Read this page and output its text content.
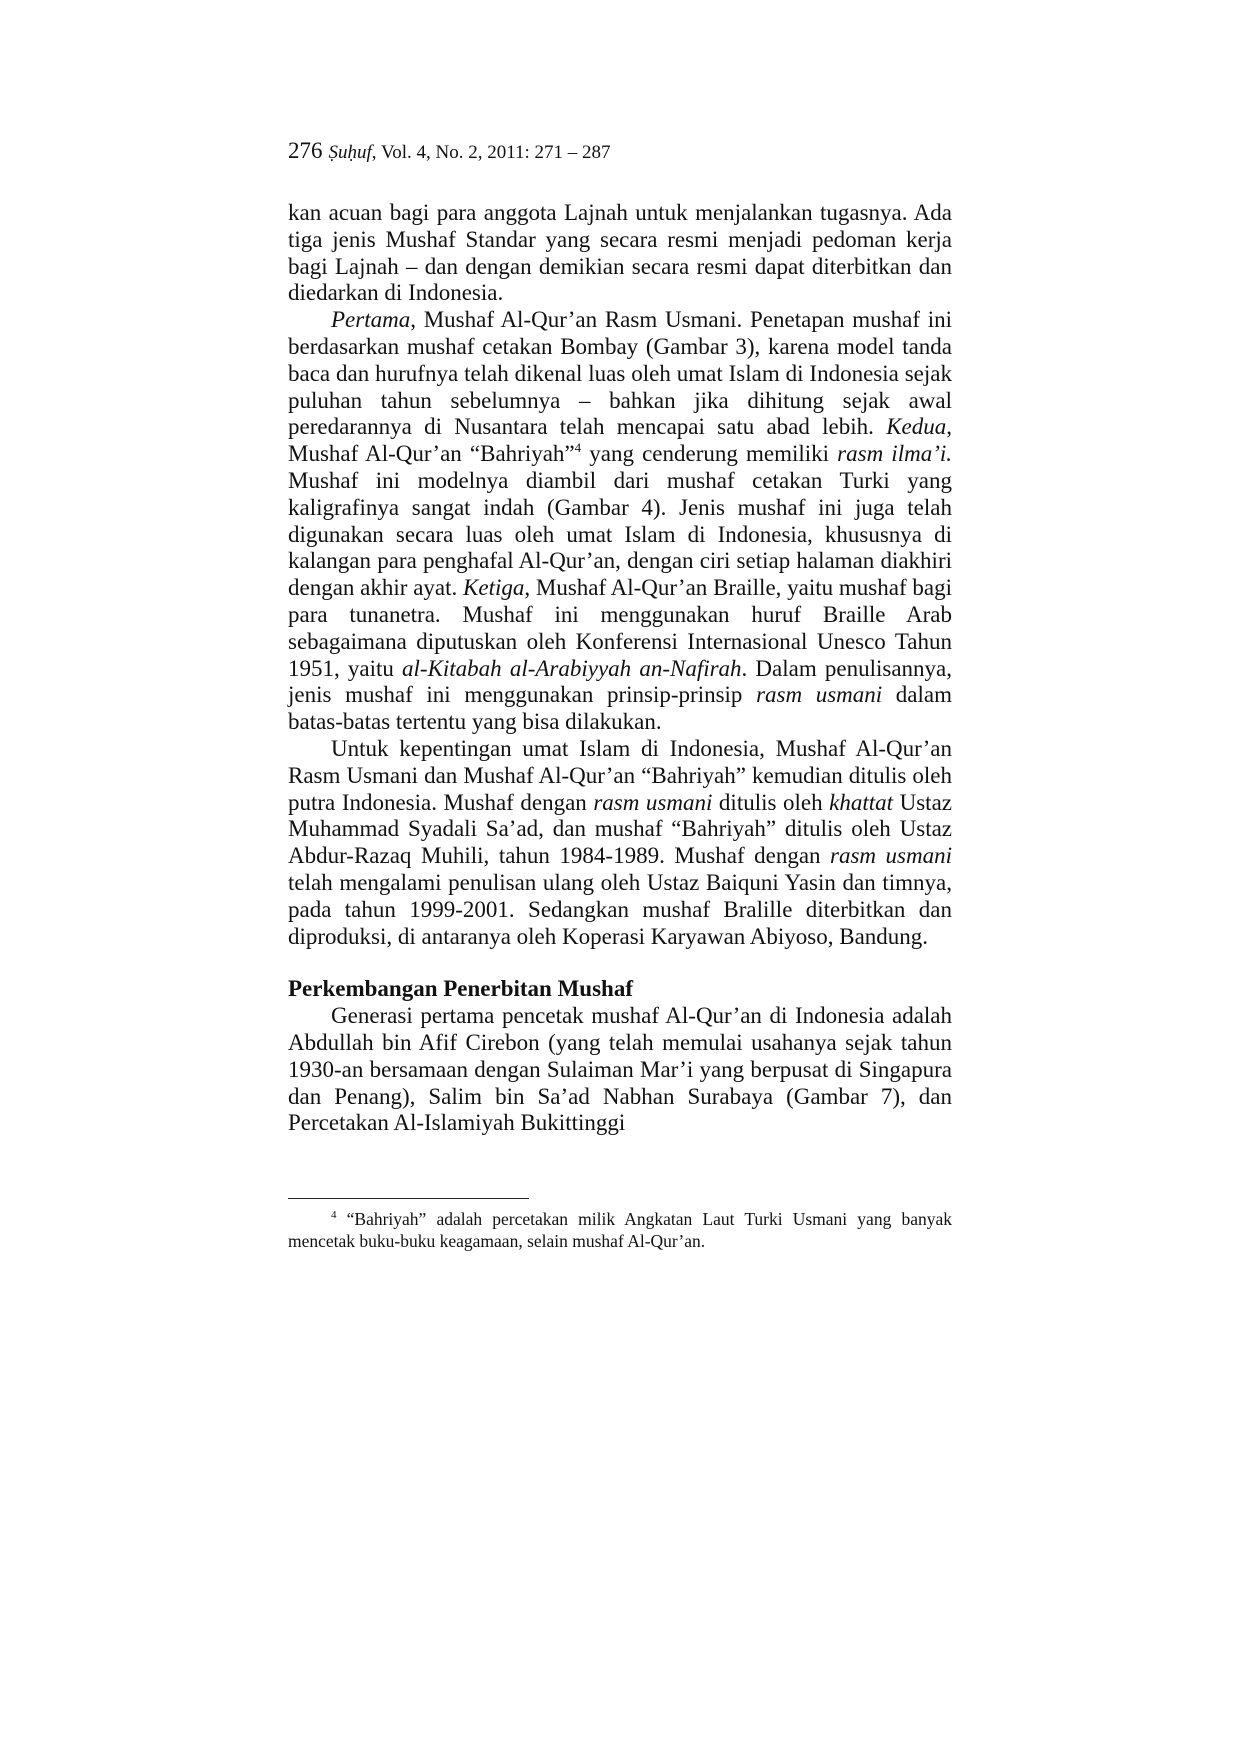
276 Ṣuḥuf, Vol. 4, No. 2, 2011: 271 – 287

kan acuan bagi para anggota Lajnah untuk menjalankan tugasnya. Ada tiga jenis Mushaf Standar yang secara resmi menjadi pedoman kerja bagi Lajnah – dan dengan demikian secara resmi dapat diterbitkan dan diedarkan di Indonesia.

Pertama, Mushaf Al-Qur’an Rasm Usmani. Penetapan mushaf ini berdasarkan mushaf cetakan Bombay (Gambar 3), karena model tanda baca dan hurufnya telah dikenal luas oleh umat Islam di Indonesia sejak puluhan tahun sebelumnya – bahkan jika dihitung sejak awal peredarannya di Nusantara telah mencapai satu abad lebih. Kedua, Mushaf Al-Qur’an “Bahriyah”$^4$ yang cenderung memiliki rasm ilma’i. Mushaf ini modelnya diambil dari mushaf cetakan Turki yang kaligrafinya sangat indah (Gambar 4). Jenis mushaf ini juga telah digunakan secara luas oleh umat Islam di Indonesia, khususnya di kalangan para penghafal Al-Qur’an, dengan ciri setiap halaman diakhiri dengan akhir ayat. Ketiga, Mushaf Al-Qur’an Braille, yaitu mushaf bagi para tunanetra. Mushaf ini menggunakan huruf Braille Arab sebagaimana diputuskan oleh Konferensi Internasional Unesco Tahun 1951, yaitu al-Kitabah al-Arabiyyah an-Nafirah. Dalam penulisannya, jenis mushaf ini menggunakan prinsip-prinsip rasm usmani dalam batas-batas tertentu yang bisa dilakukan.

Untuk kepentingan umat Islam di Indonesia, Mushaf Al-Qur’an Rasm Usmani dan Mushaf Al-Qur’an “Bahriyah” kemudian ditulis oleh putra Indonesia. Mushaf dengan rasm usmani ditulis oleh khattat Ustaz Muhammad Syadali Sa’ad, dan mushaf “Bahriyah” ditulis oleh Ustaz Abdur-Razaq Muhili, tahun 1984-1989. Mushaf dengan rasm usmani telah mengalami penulisan ulang oleh Ustaz Baiquni Yasin dan timnya, pada tahun 1999-2001. Sedangkan mushaf Bralille diterbitkan dan diproduksi, di antaranya oleh Koperasi Karyawan Abiyoso, Bandung.

Perkembangan Penerbitan Mushaf

Generasi pertama pencetak mushaf Al-Qur’an di Indonesia adalah Abdullah bin Afif Cirebon (yang telah memulai usahanya sejak tahun 1930-an bersamaan dengan Sulaiman Mar’i yang berpusat di Singapura dan Penang), Salim bin Sa’ad Nabhan Surabaya (Gambar 7), dan Percetakan Al-Islamiyah Bukittinggi

$^4$ “Bahriyah” adalah percetakan milik Angkatan Laut Turki Usmani yang banyak mencetak buku-buku keagamaan, selain mushaf Al-Qur’an.
